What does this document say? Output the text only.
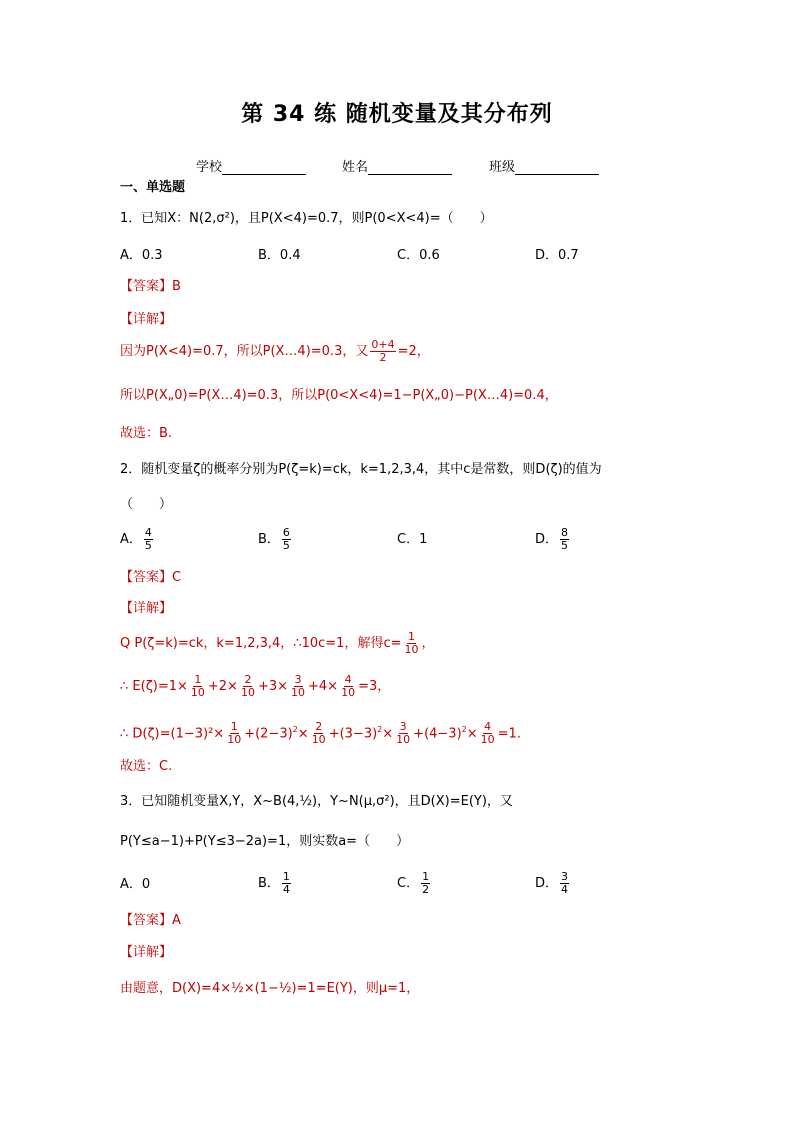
第 34 练 随机变量及其分布列
学校	姓名	班级
一、单选题
1．已知X：N(2,σ²)，且P(X<4)=0.7，则P(0<X<4)=（　　）
A．0.3	B．0.4	C．0.6	D．0.7
【答案】B
【详解】
因为P(X<4)=0.7，所以P(X…4)=0.3，又 $\frac{0+4}{2} =2$，
所以P(X„0)=P(X…4)=0.3，所以P(0<X<4)=1−P(X„0)−P(X…4)=0.4，
故选：B.
2．随机变量ζ的概率分别为P(ζ=k)=ck，k=1,2,3,4，其中c是常数，则D(ζ)的值为
（　　）
A． $\frac{4}{5}$	B． $\frac{6}{5}$	C．1	D． $\frac{8}{5}$
【答案】C
【详解】
Q P(ζ=k)=ck，k=1,2,3,4，∴10c=1，解得$c= \frac{1}{10}$ ，
∴ $E(\zeta)=1\times \frac{1}{10} +2\times \frac{2}{10} +3\times \frac{3}{10} +4\times \frac{4}{10} =3$，
∴ $D(\zeta)=(1-3)^2\times \frac{1}{10} +(2-3)^2\times \frac{2}{10} +(3-3)^2\times \frac{3}{10} +(4-3)^2\times \frac{4}{10} =1$.
故选：C.
3．已知随机变量X,Y，X~B(4,½)，Y~N(μ,σ²)，且D(X)=E(Y)，又
P(Y≤a−1)+P(Y≤3−2a)=1，则实数a=（　　）
A．0	B． $\frac{1}{4}$	C． $\frac{1}{2}$	D． $\frac{3}{4}$
【答案】A
【详解】
由题意，D(X)=4×½×(1−½)=1=E(Y)，则μ=1，
